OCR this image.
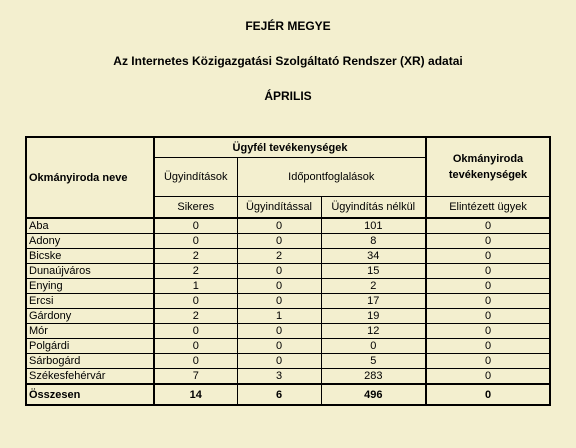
FEJÉR MEGYE
Az Internetes Közigazgatási Szolgáltató Rendszer (XR) adatai
ÁPRILIS
Okmányiroda neve	Ügyfél tevékenységek			Okmányiroda tevékenységek
	Ügyindítások	Időpontfoglalások		
	Sikeres	Ügyindítással	Ügyindítás nélkül	Elintézett ügyek
Aba	0	0	101	0
Adony	0	0	8	0
Bicske	2	2	34	0
Dunaújváros	2	0	15	0
Enying	1	0	2	0
Ercsi	0	0	17	0
Gárdony	2	1	19	0
Mór	0	0	12	0
Polgárdi	0	0	0	0
Sárbogárd	0	0	5	0
Székesfehérvár	7	3	283	0
Összesen	14	6	496	0
